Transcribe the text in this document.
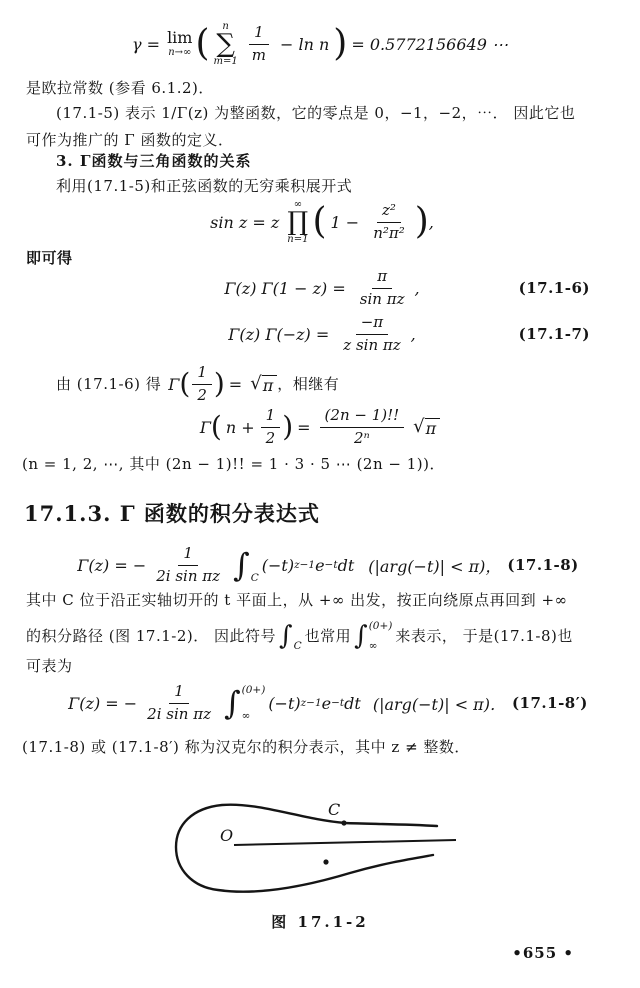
γ = lim
n→∞ ( n
∑
$m=1 \frac{1}{m} - \ln n$ ) = 0.5772156649 ⋯
是欧拉常数 (参看 6.1.2)．
(17.1-5) 表示 1/Γ(z) 为整函数，它的零点是 0，−1，−2，⋯． 因此它也
可作为推广的 Γ 函数的定义．
3. Γ函数与三角函数的关系
利用(17.1-5)和正弦函数的无穷乘积展开式
sin z = z
∞
∏
n=1 ( $1 - \frac{\text{z²}}{\text{n²π²}}$ ) ,
即可得
Γ(z) $\Gamma(1 - z) = \frac{\pi}{\text{sin πz}}$ ,	(17.1-6)
Γ(z) $\Gamma(-z) = \frac{-\pi}{\text{z sin πz}}$ ,	(17.1-7)
由 (17.1-6) 得 Γ ( $\frac{1}{2}$ ) = √ π ，相继有
Γ ( $n + \frac{1}{2}$ ) = $\frac{(2n - 1)!!}{\text{2ⁿ}}$ √ π
(n = 1, 2, ⋯, 其中 (2n − 1)!! = 1 · 3 · 5 ⋯ (2n − 1))．
17.1.3. Γ 函数的积分表达式
Γ(z) = − $\frac{1}{\text{2i sin πz}}$ ∫ C
(−t) z−1 e −t dt (|arg(−t)| < π)， (17.1-8)
其中 C 位于沿正实轴切开的 t 平面上，从 +∞ 出发，按正向绕原点再回到 +∞
的积分路径 (图 17.1-2)． 因此符号 ∫ C
也常用 ∫ (0+)
∞
来表示， 于是(17.1-8)也
可表为
Γ(z) = − $\frac{1}{\text{2i sin πz}}$ ∫ (0+)
∞
(−t) z−1 e −t dt (|arg(−t)| < π)． (17.1-8′)
(17.1-8) 或 (17.1-8′) 称为汉克尔的积分表示，其中 z ≠ 整数．
O
C
图 17.1-2
•655 •
